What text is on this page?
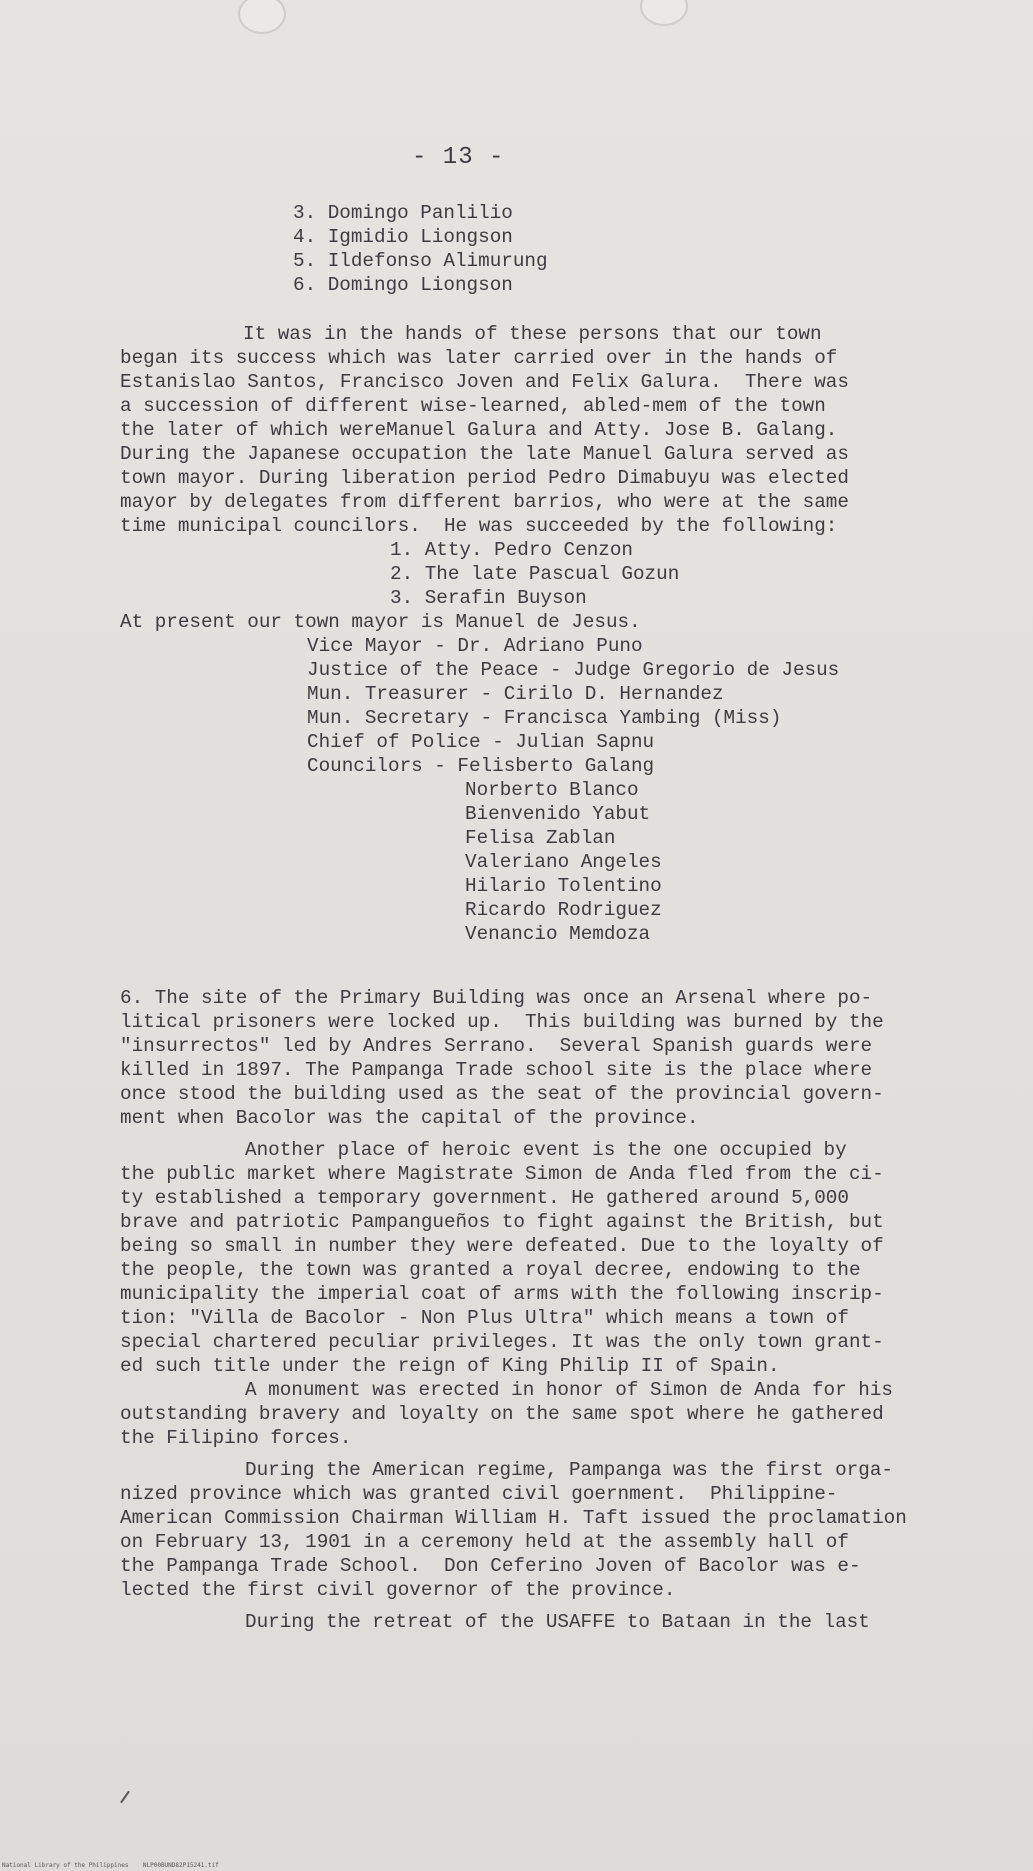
- 13 -
3. Domingo Panlilio
4. Igmidio Liongson
5. Ildefonso Alimurung
6. Domingo Liongson
It was in the hands of these persons that our town
began its success which was later carried over in the hands of
Estanislao Santos, Francisco Joven and Felix Galura.  There was
a succession of different wise-learned, abled-mem of the town
the later of which wereManuel Galura and Atty. Jose B. Galang.
During the Japanese occupation the late Manuel Galura served as
town mayor. During liberation period Pedro Dimabuyu was elected
mayor by delegates from different barrios, who were at the same
time municipal councilors.  He was succeeded by the following:
1. Atty. Pedro Cenzon
2. The late Pascual Gozun
3. Serafin Buyson
At present our town mayor is Manuel de Jesus.
Vice Mayor - Dr. Adriano Puno
Justice of the Peace - Judge Gregorio de Jesus
Mun. Treasurer - Cirilo D. Hernandez
Mun. Secretary - Francisca Yambing (Miss)
Chief of Police - Julian Sapnu
Councilors - Felisberto Galang
Norberto Blanco
Bienvenido Yabut
Felisa Zablan
Valeriano Angeles
Hilario Tolentino
Ricardo Rodriguez
Venancio Memdoza
6. The site of the Primary Building was once an Arsenal where po-
litical prisoners were locked up.  This building was burned by the
"insurrectos" led by Andres Serrano.  Several Spanish guards were
killed in 1897. The Pampanga Trade school site is the place where
once stood the building used as the seat of the provincial govern-
ment when Bacolor was the capital of the province.
Another place of heroic event is the one occupied by
the public market where Magistrate Simon de Anda fled from the ci-
ty established a temporary government. He gathered around 5,000
brave and patriotic Pampangueños to fight against the British, but
being so small in number they were defeated. Due to the loyalty of
the people, the town was granted a royal decree, endowing to the
municipality the imperial coat of arms with the following inscrip-
tion: "Villa de Bacolor - Non Plus Ultra" which means a town of
special chartered peculiar privileges. It was the only town grant-
ed such title under the reign of King Philip II of Spain.
A monument was erected in honor of Simon de Anda for his
outstanding bravery and loyalty on the same spot where he gathered
the Filipino forces.
During the American regime, Pampanga was the first orga-
nized province which was granted civil goernment.  Philippine-
American Commission Chairman William H. Taft issued the proclamation
on February 13, 1901 in a ceremony held at the assembly hall of
the Pampanga Trade School.  Don Ceferino Joven of Bacolor was e-
lected the first civil governor of the province.
During the retreat of the USAFFE to Bataan in the last
National Library of the Philippines    NLP00BUND82P15241.tif
